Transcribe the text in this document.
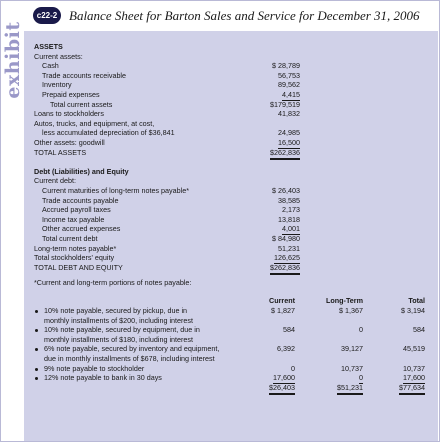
exhibit
c22-2 Balance Sheet for Barton Sales and Service for December 31, 2006
ASSETS
Current assets:
Cash	$ 28,789
Trade accounts receivable	56,753
Inventory	89,562
Prepaid expenses	4,415
Total current assets	$179,519
Loans to stockholders	41,832
Autos, trucks, and equipment, at cost,
less accumulated depreciation of $36,841	24,985
Other assets: goodwill	16,500
TOTAL ASSETS	$262,836
Debt (Liabilities) and Equity
Current debt:
Current maturities of long-term notes payable*	$ 26,403
Trade accounts payable	38,585
Accrued payroll taxes	2,173
Income tax payable	13,818
Other accrued expenses	4,001
Total current debt	$ 84,980
Long-term notes payable*	51,231
Total stockholders' equity	126,625
TOTAL DEBT AND EQUITY	$262,836
*Current and long-term portions of notes payable:
Current	Long-Term	Total
10% note payable, secured by pickup, due in	$ 1,827	$ 1,367	$ 3,194
monthly installments of $200, including interest
10% note payable, secured by equipment, due in	584	0	584
monthly installments of $180, including interest
6% note payable, secured by inventory and equipment,	6,392	39,127	45,519
due in monthly installments of $678, including interest
9% note payable to stockholder	0	10,737	10,737
12% note payable to bank in 30 days	17,600	0	17,600
$26,403	$51,231	$77,634
